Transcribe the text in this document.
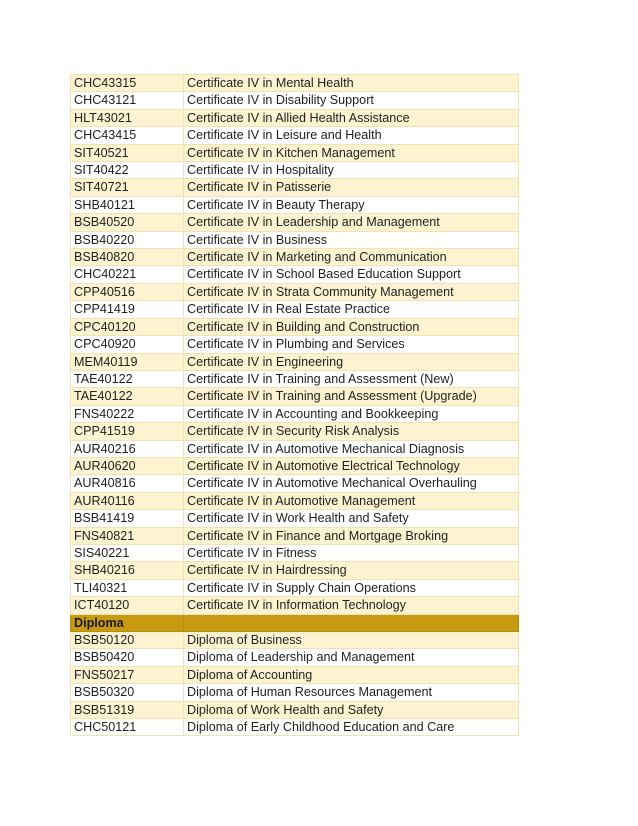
CHC43315	Certificate IV in Mental Health
CHC43121	Certificate IV in Disability Support
HLT43021	Certificate IV in Allied Health Assistance
CHC43415	Certificate IV in Leisure and Health
SIT40521	Certificate IV in Kitchen Management
SIT40422	Certificate IV in Hospitality
SIT40721	Certificate IV in Patisserie
SHB40121	Certificate IV in Beauty Therapy
BSB40520	Certificate IV in Leadership and Management
BSB40220	Certificate IV in Business
BSB40820	Certificate IV in Marketing and Communication
CHC40221	Certificate IV in School Based Education Support
CPP40516	Certificate IV in Strata Community Management
CPP41419	Certificate IV in Real Estate Practice
CPC40120	Certificate IV in Building and Construction
CPC40920	Certificate IV in Plumbing and Services
MEM40119	Certificate IV in Engineering
TAE40122	Certificate IV in Training and Assessment (New)
TAE40122	Certificate IV in Training and Assessment (Upgrade)
FNS40222	Certificate IV in Accounting and Bookkeeping
CPP41519	Certificate IV in Security Risk Analysis
AUR40216	Certificate IV in Automotive Mechanical Diagnosis
AUR40620	Certificate IV in Automotive Electrical Technology
AUR40816	Certificate IV in Automotive Mechanical Overhauling
AUR40116	Certificate IV in Automotive Management
BSB41419	Certificate IV in Work Health and Safety
FNS40821	Certificate IV in Finance and Mortgage Broking
SIS40221	Certificate IV in Fitness
SHB40216	Certificate IV in Hairdressing
TLI40321	Certificate IV in Supply Chain Operations
ICT40120	Certificate IV in Information Technology
Diploma	
BSB50120	Diploma of Business
BSB50420	Diploma of Leadership and Management
FNS50217	Diploma of Accounting
BSB50320	Diploma of Human Resources Management
BSB51319	Diploma of Work Health and Safety
CHC50121	Diploma of Early Childhood Education and Care
